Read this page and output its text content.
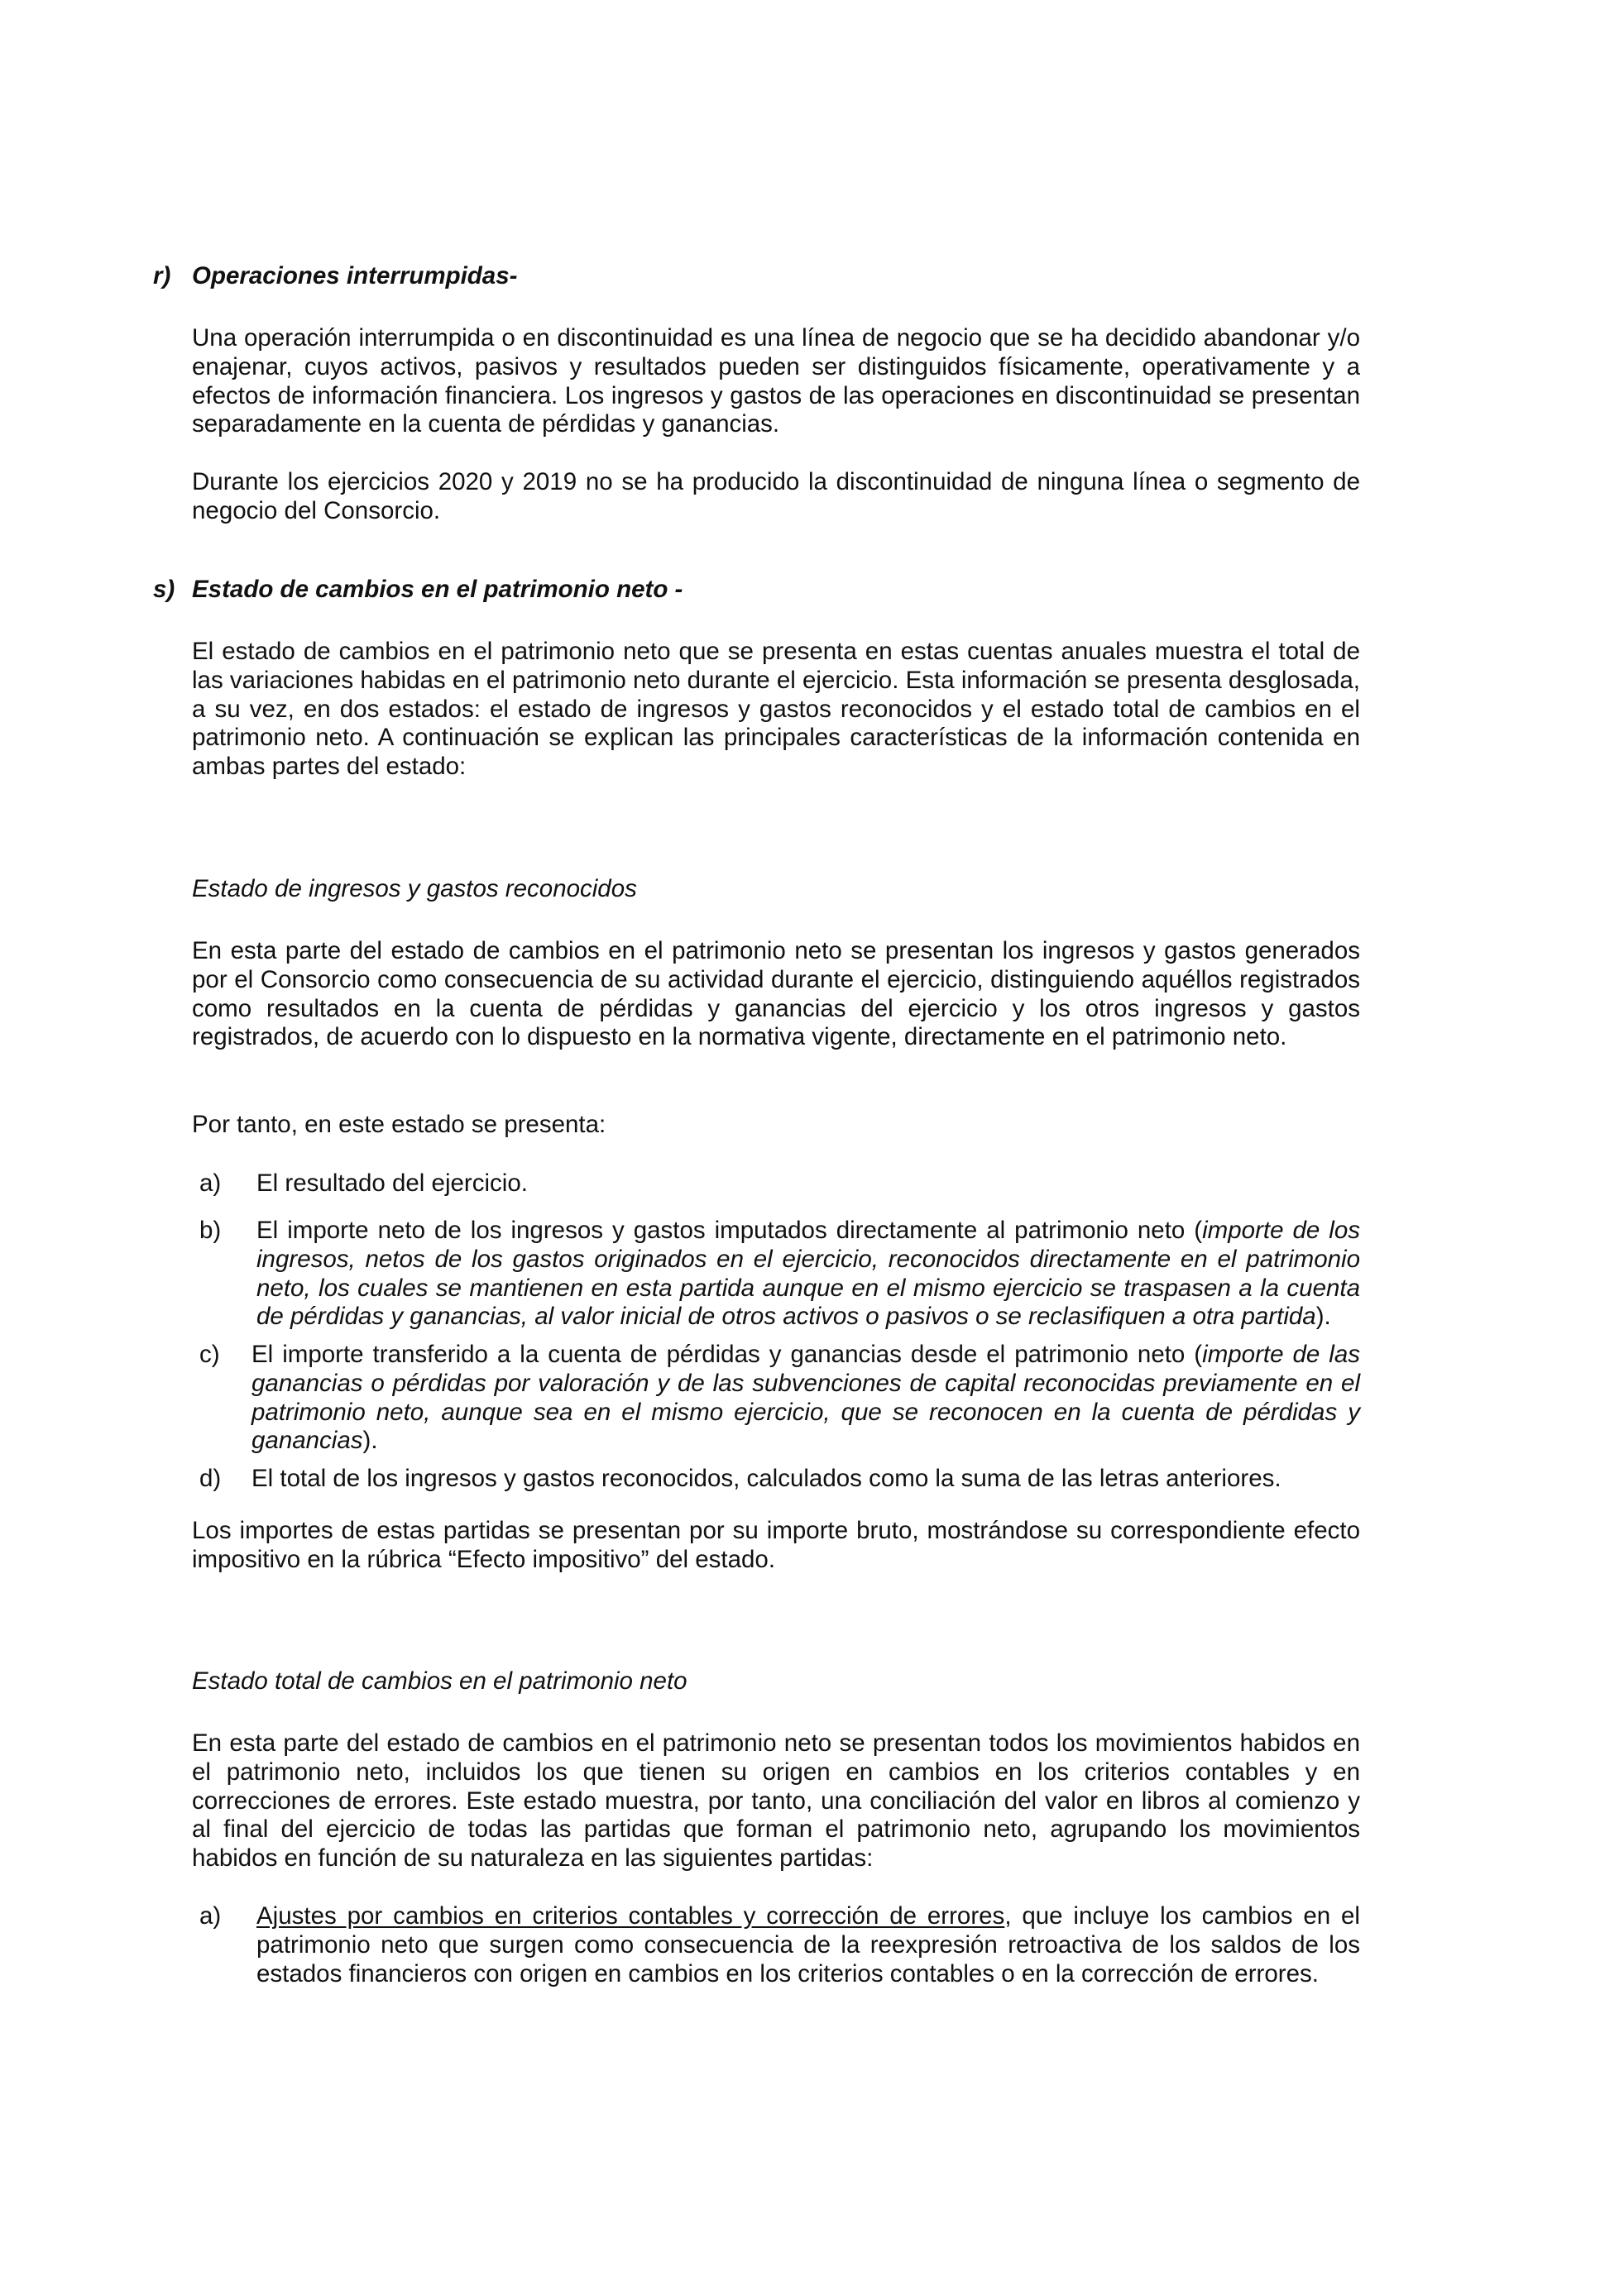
r) Operaciones interrumpidas-

Una operación interrumpida o en discontinuidad es una línea de negocio que se ha decidido abandonar y/o enajenar, cuyos activos, pasivos y resultados pueden ser distinguidos físicamente, operativamente y a efectos de información financiera. Los ingresos y gastos de las operaciones en discontinuidad se presentan separadamente en la cuenta de pérdidas y ganancias.

Durante los ejercicios 2020 y 2019 no se ha producido la discontinuidad de ninguna línea o segmento de negocio del Consorcio.

s) Estado de cambios en el patrimonio neto -

El estado de cambios en el patrimonio neto que se presenta en estas cuentas anuales muestra el total de las variaciones habidas en el patrimonio neto durante el ejercicio. Esta información se presenta desglosada, a su vez, en dos estados: el estado de ingresos y gastos reconocidos y el estado total de cambios en el patrimonio neto. A continuación se explican las principales características de la información contenida en ambas partes del estado:

Estado de ingresos y gastos reconocidos

En esta parte del estado de cambios en el patrimonio neto se presentan los ingresos y gastos generados por el Consorcio como consecuencia de su actividad durante el ejercicio, distinguiendo aquéllos registrados como resultados en la cuenta de pérdidas y ganancias del ejercicio y los otros ingresos y gastos registrados, de acuerdo con lo dispuesto en la normativa vigente, directamente en el patrimonio neto.

Por tanto, en este estado se presenta:

a) El resultado del ejercicio.
b) El importe neto de los ingresos y gastos imputados directamente al patrimonio neto (importe de los ingresos, netos de los gastos originados en el ejercicio, reconocidos directamente en el patrimonio neto, los cuales se mantienen en esta partida aunque en el mismo ejercicio se traspasen a la cuenta de pérdidas y ganancias, al valor inicial de otros activos o pasivos o se reclasifiquen a otra partida).
c) El importe transferido a la cuenta de pérdidas y ganancias desde el patrimonio neto (importe de las ganancias o pérdidas por valoración y de las subvenciones de capital reconocidas previamente en el patrimonio neto, aunque sea en el mismo ejercicio, que se reconocen en la cuenta de pérdidas y ganancias).
d) El total de los ingresos y gastos reconocidos, calculados como la suma de las letras anteriores.

Los importes de estas partidas se presentan por su importe bruto, mostrándose su correspondiente efecto impositivo en la rúbrica “Efecto impositivo” del estado.

Estado total de cambios en el patrimonio neto

En esta parte del estado de cambios en el patrimonio neto se presentan todos los movimientos habidos en el patrimonio neto, incluidos los que tienen su origen en cambios en los criterios contables y en correcciones de errores. Este estado muestra, por tanto, una conciliación del valor en libros al comienzo y al final del ejercicio de todas las partidas que forman el patrimonio neto, agrupando los movimientos habidos en función de su naturaleza en las siguientes partidas:

a) Ajustes por cambios en criterios contables y corrección de errores, que incluye los cambios en el patrimonio neto que surgen como consecuencia de la reexpresión retroactiva de los saldos de los estados financieros con origen en cambios en los criterios contables o en la corrección de errores.
